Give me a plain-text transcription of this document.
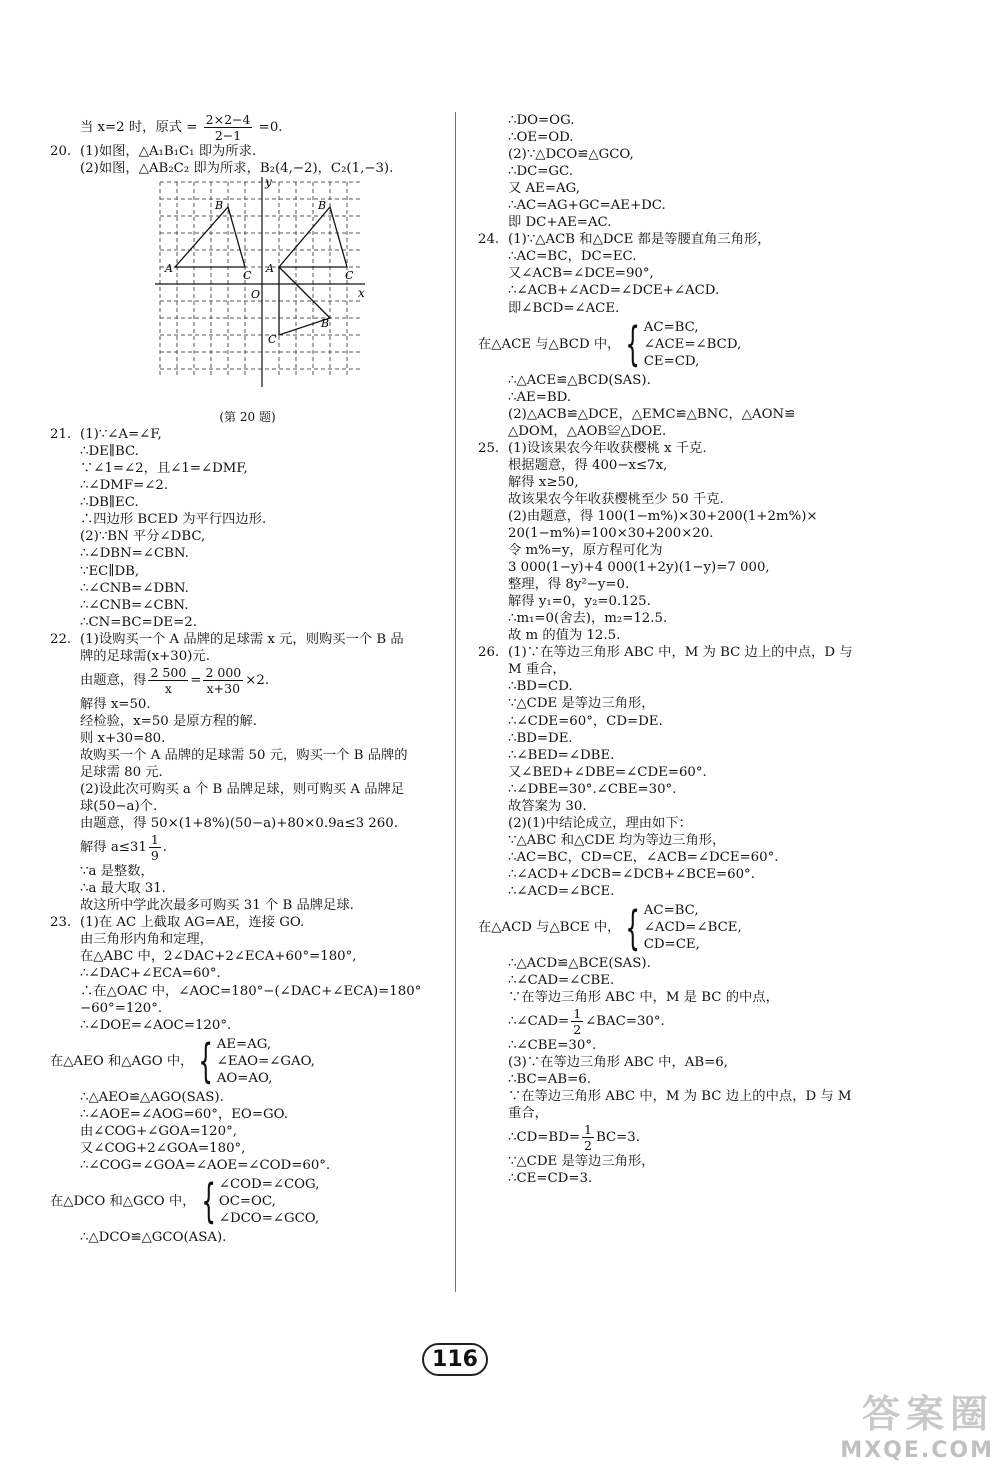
当 x=2 时，原式 = $\frac{2\times 2-4}{2-1} =0$.
20. (1)如图，△A₁B₁C₁ 即为所求.
(2)如图，△AB₂C₂ 即为所求，B₂(4,−2)，C₂(1,−3).
y
x
O
A	A
B	B
B
C	C
C
(第 20 题)
21. (1)∵∠A=∠F,
∴DE∥BC.
∵∠1=∠2，且∠1=∠DMF,
∴∠DMF=∠2.
∴DB∥EC.
∴四边形 BCED 为平行四边形.
(2)∵BN 平分∠DBC,
∴∠DBN=∠CBN.
∵EC∥DB,
∴∠CNB=∠DBN.
∴∠CNB=∠CBN.
∴CN=BC=DE=2.
22. (1)设购买一个 A 品牌的足球需 x 元，则购买一个 B 品
牌的足球需(x+30)元.
由题意，得 $\frac{2 500}{x} = \frac{2 000}{x+30} \times 2$.
解得 x=50.
经检验，x=50 是原方程的解.
则 x+30=80.
故购买一个 A 品牌的足球需 50 元，购买一个 B 品牌的
足球需 80 元.
(2)设此次可购买 a 个 B 品牌足球，则可购买 A 品牌足
球(50−a)个.
由题意，得 50×(1+8%)(50−a)+80×0.9a≤3 260.
解得 $a\le 31 \frac{1}{9}$ .
∵a 是整数，
∴a 最大取 31.
故这所中学此次最多可购买 31 个 B 品牌足球.
23. (1)在 AC 上截取 AG=AE，连接 GO.
由三角形内角和定理，
在△ABC 中，2∠DAC+2∠ECA+60°=180°,
∴∠DAC+∠ECA=60°.
∴在△OAC 中，∠AOC=180°−(∠DAC+∠ECA)=180°
−60°=120°.
∴∠DOE=∠AOC=120°.
在△AEO 和△AGO 中， { AE=AG,
∠EAO=∠GAO,
AO=AO,
∴△AEO≌△AGO(SAS).
∴∠AOE=∠AOG=60°，EO=GO.
由∠COG+∠GOA=120°,
又∠COG+2∠GOA=180°,
∴∠COG=∠GOA=∠AOE=∠COD=60°.
在△DCO 和△GCO 中， { ∠COD=∠COG,
OC=OC,
∠DCO=∠GCO,
∴△DCO≌△GCO(ASA).
∴DO=OG.
∴OE=OD.
(2)∵△DCO≌△GCO,
∴DC=GC.
又 AE=AG,
∴AC=AG+GC=AE+DC.
即 DC+AE=AC.
24. (1)∵△ACB 和△DCE 都是等腰直角三角形，
∴AC=BC，DC=EC.
又∠ACB=∠DCE=90°,
∴∠ACB+∠ACD=∠DCE+∠ACD.
即∠BCD=∠ACE.
在△ACE 与△BCD 中， { AC=BC,
∠ACE=∠BCD,
CE=CD,
∴△ACE≌△BCD(SAS).
∴AE=BD.
(2)△ACB≌△DCE，△EMC≌△BNC，△AON≌
△DOM，△AOB≌△DOE.
25. (1)设该果农今年收获樱桃 x 千克.
根据题意，得 400−x≤7x,
解得 x≥50,
故该果农今年收获樱桃至少 50 千克.
(2)由题意，得 100(1−m%)×30+200(1+2m%)×
20(1−m%)=100×30+200×20.
令 m%=y，原方程可化为
3 000(1−y)+4 000(1+2y)(1−y)=7 000,
整理，得 8y²−y=0.
解得 y₁=0，y₂=0.125.
∴m₁=0(舍去)，m₂=12.5.
故 m 的值为 12.5.
26. (1)∵在等边三角形 ABC 中，M 为 BC 边上的中点，D 与
M 重合，
∴BD=CD.
∵△CDE 是等边三角形，
∴∠CDE=60°，CD=DE.
∴BD=DE.
∴∠BED=∠DBE.
又∠BED+∠DBE=∠CDE=60°.
∴∠DBE=30°.∠CBE=30°.
故答案为 30.
(2)(1)中结论成立，理由如下：
∵△ABC 和△CDE 均为等边三角形，
∴AC=BC，CD=CE，∠ACB=∠DCE=60°.
∴∠ACD+∠DCB=∠DCB+∠BCE=60°.
∴∠ACD=∠BCE.
在△ACD 与△BCE 中， { AC=BC,
∠ACD=∠BCE,
CD=CE,
∴△ACD≌△BCE(SAS).
∴∠CAD=∠CBE.
∵在等边三角形 ABC 中，M 是 BC 的中点，
∴∠CAD= $\frac{1}{2}$ ∠BAC=30°.
∴∠CBE=30°.
(3)∵在等边三角形 ABC 中，AB=6,
∴BC=AB=6.
∵在等边三角形 ABC 中，M 为 BC 边上的中点，D 与 M
重合，
∴CD=BD= $\frac{1}{2} BC=3$.
∵△CDE 是等边三角形，
∴CE=CD=3.
116
答案圈
MXQE.COM
